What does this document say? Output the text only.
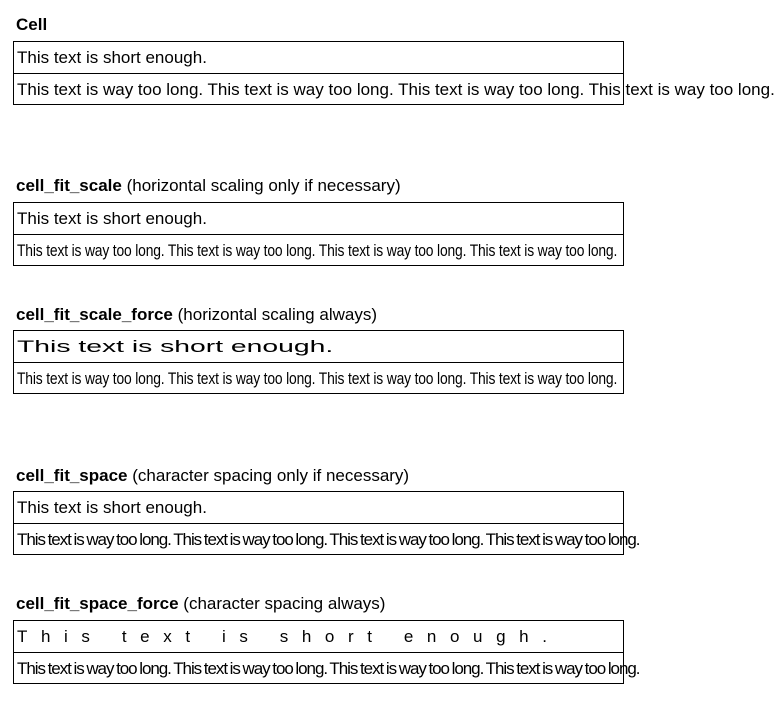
Cell
This text is short enough.
This text is way too long. This text is way too long. This text is way too long. This text is way too long.
cell_fit_scale (horizontal scaling only if necessary)
This text is short enough.
This text is way too long. This text is way too long. This text is way too long. This text is way too long.
cell_fit_scale_force (horizontal scaling always)
This text is short enough.
This text is way too long. This text is way too long. This text is way too long. This text is way too long.
cell_fit_space (character spacing only if necessary)
This text is short enough.
This text is way too long. This text is way too long. This text is way too long. This text is way too long.
cell_fit_space_force (character spacing always)
This text is short enough.
This text is way too long. This text is way too long. This text is way too long. This text is way too long.
